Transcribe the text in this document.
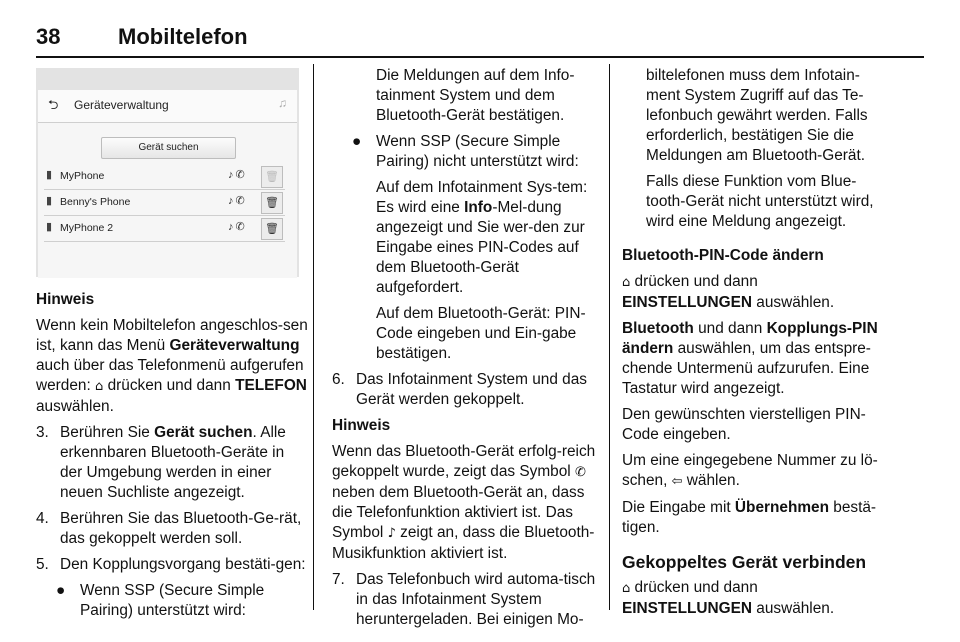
38	Mobiltelefon
⮌ Geräteverwaltung	♫
Gerät suchen
▮ MyPhone	♪✆	🗑
▮ Benny's Phone	♪✆	🗑
▮ MyPhone 2	♪✆	🗑

Hinweis

Wenn kein Mobiltelefon angeschlos-sen ist, kann das Menü Geräteverwaltung auch über das Telefonmenü aufgerufen werden: ⌂ drücken und dann TELEFON auswählen.

3. Berühren Sie Gerät suchen. Alle erkennbaren Bluetooth-Geräte in der Umgebung werden in einer neuen Suchliste angezeigt.
4. Berühren Sie das Bluetooth-Ge-rät, das gekoppelt werden soll.
5. Den Kopplungsvorgang bestäti-gen:
● Wenn SSP (Secure Simple Pairing) unterstützt wird:

Die Meldungen auf dem Info-tainment System und dem Bluetooth-Gerät bestätigen.

● Wenn SSP (Secure Simple Pairing) nicht unterstützt wird:

Auf dem Infotainment Sys-tem: Es wird eine Info-Mel-dung angezeigt und Sie wer-den zur Eingabe eines PIN-Codes auf dem Bluetooth-Gerät aufgefordert.

Auf dem Bluetooth-Gerät: PIN-Code eingeben und Ein-gabe bestätigen.

6. Das Infotainment System und das Gerät werden gekoppelt.

Hinweis

Wenn das Bluetooth-Gerät erfolg-reich gekoppelt wurde, zeigt das Symbol ✆ neben dem Bluetooth-Gerät an, dass die Telefonfunktion aktiviert ist. Das Symbol ♪ zeigt an, dass die Bluetooth-Musikfunktion aktiviert ist.

7. Das Telefonbuch wird automa-tisch in das Infotainment System heruntergeladen. Bei einigen Mo-

biltelefonen muss dem Infotain-ment System Zugriff auf das Te-lefonbuch gewährt werden. Falls erforderlich, bestätigen Sie die Meldungen am Bluetooth-Gerät.

Falls diese Funktion vom Blue-tooth-Gerät nicht unterstützt wird, wird eine Meldung angezeigt.

Bluetooth-PIN-Code ändern

⌂ drücken und dann
EINSTELLUNGEN auswählen.

Bluetooth und dann Kopplungs-PIN ändern auswählen, um das entspre-chende Untermenü aufzurufen. Eine Tastatur wird angezeigt.

Den gewünschten vierstelligen PIN-Code eingeben.

Um eine eingegebene Nummer zu lö-schen, ⇦ wählen.

Die Eingabe mit Übernehmen bestä-tigen.

Gekoppeltes Gerät verbinden

⌂ drücken und dann
EINSTELLUNGEN auswählen.
